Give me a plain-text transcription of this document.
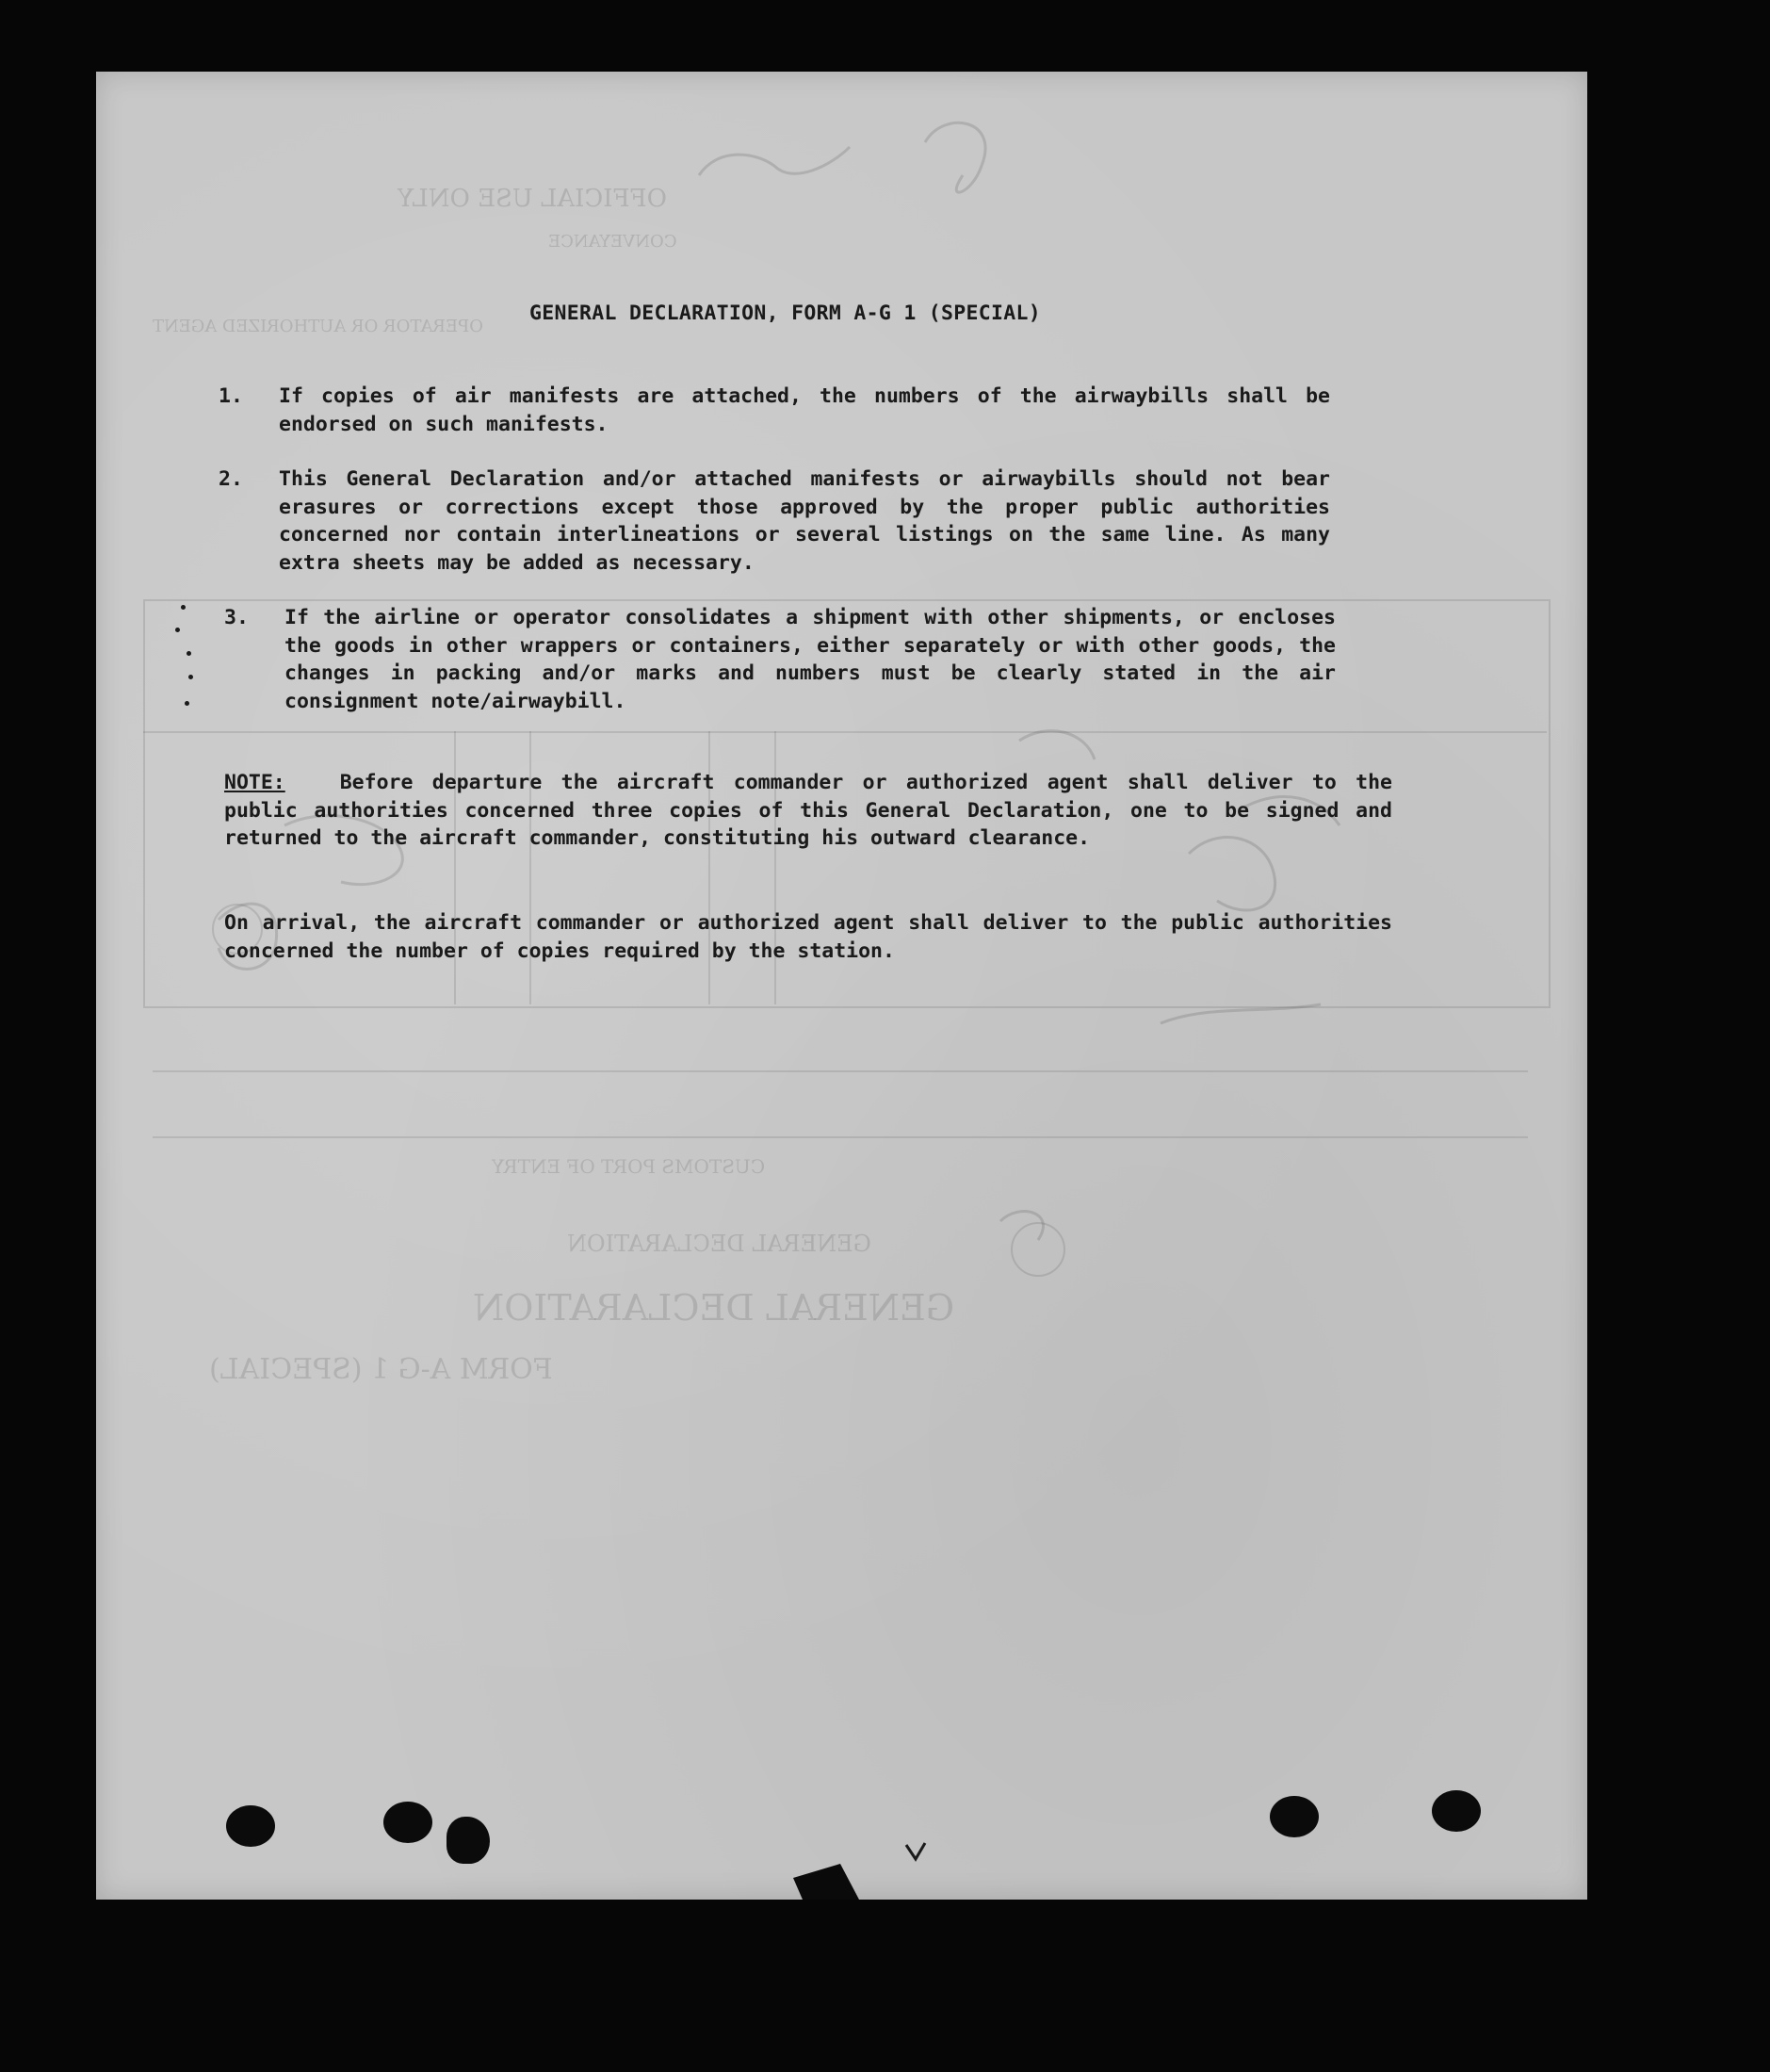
OFFICIAL USE ONLY
CONVEYANCE
OPERATOR OR AUTHORIZED AGENT
CUSTOMS PORT OF ENTRY
GENERAL DECLARATION
GENERAL DECLARATION
FORM A-G 1 (SPECIAL)
GENERAL DECLARATION, FORM A-G 1 (SPECIAL)
1. If copies of air manifests are attached, the numbers of the airwaybills shall be endorsed on such manifests.
2. This General Declaration and/or attached manifests or airwaybills should not bear erasures or corrections except those approved by the proper public authorities concerned nor contain interlineations or several listings on the same line. As many extra sheets may be added as necessary.
3. If the airline or operator consolidates a shipment with other shipments, or encloses the goods in other wrappers or containers, either separately or with other goods, the changes in packing and/or marks and numbers must be clearly stated in the air consignment note/airwaybill.
NOTE:	Before departure the aircraft commander or authorized agent shall deliver to the public authorities concerned three copies of this General Declaration, one to be signed and returned to the aircraft commander, constituting his outward clearance.
On arrival, the aircraft commander or authorized agent shall deliver to the public authorities concerned the number of copies required by the station.
